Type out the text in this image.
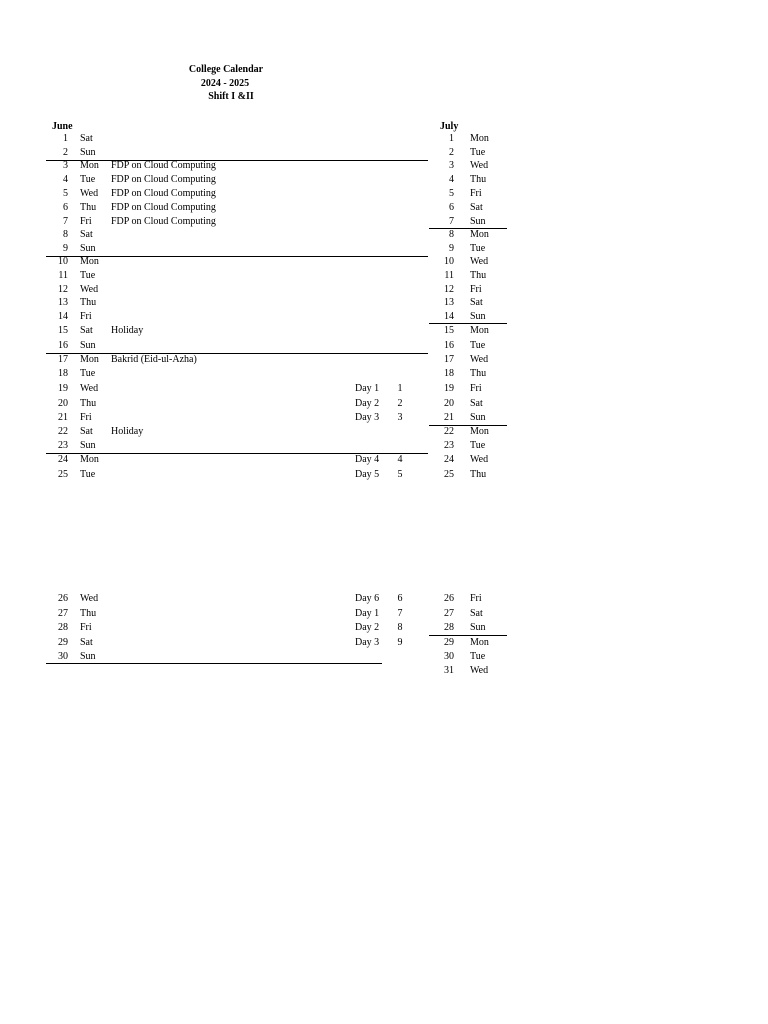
College Calendar
2024 - 2025
Shift I &II
June	July
1 Sat
2 Sun
3 Mon FDP on Cloud Computing
4 Tue FDP on Cloud Computing
5 Wed FDP on Cloud Computing
6 Thu FDP on Cloud Computing
7 Fri FDP on Cloud Computing
8 Sat
9 Sun
10 Mon
11 Tue
12 Wed
13 Thu
14 Fri
15 Sat Holiday
16 Sun
17 Mon Bakrid (Eid-ul-Azha)
18 Tue
19 Wed	Day 1	1
20 Thu	Day 2	2
21 Fri	Day 3	3
22 Sat Holiday
23 Sun
24 Mon	Day 4	4
25 Tue	Day 5	5
26 Wed	Day 6	6
27 Thu	Day 1	7
28 Fri	Day 2	8
29 Sat	Day 3	9
30 Sun
1 Mon
2 Tue
3 Wed
4 Thu
5 Fri
6 Sat
7 Sun
8 Mon
9 Tue
10 Wed
11 Thu
12 Fri
13 Sat
14 Sun
15 Mon
16 Tue
17 Wed
18 Thu
19 Fri
20 Sat
21 Sun
22 Mon
23 Tue
24 Wed
25 Thu
26 Fri
27 Sat
28 Sun
29 Mon
30 Tue
31 Wed
